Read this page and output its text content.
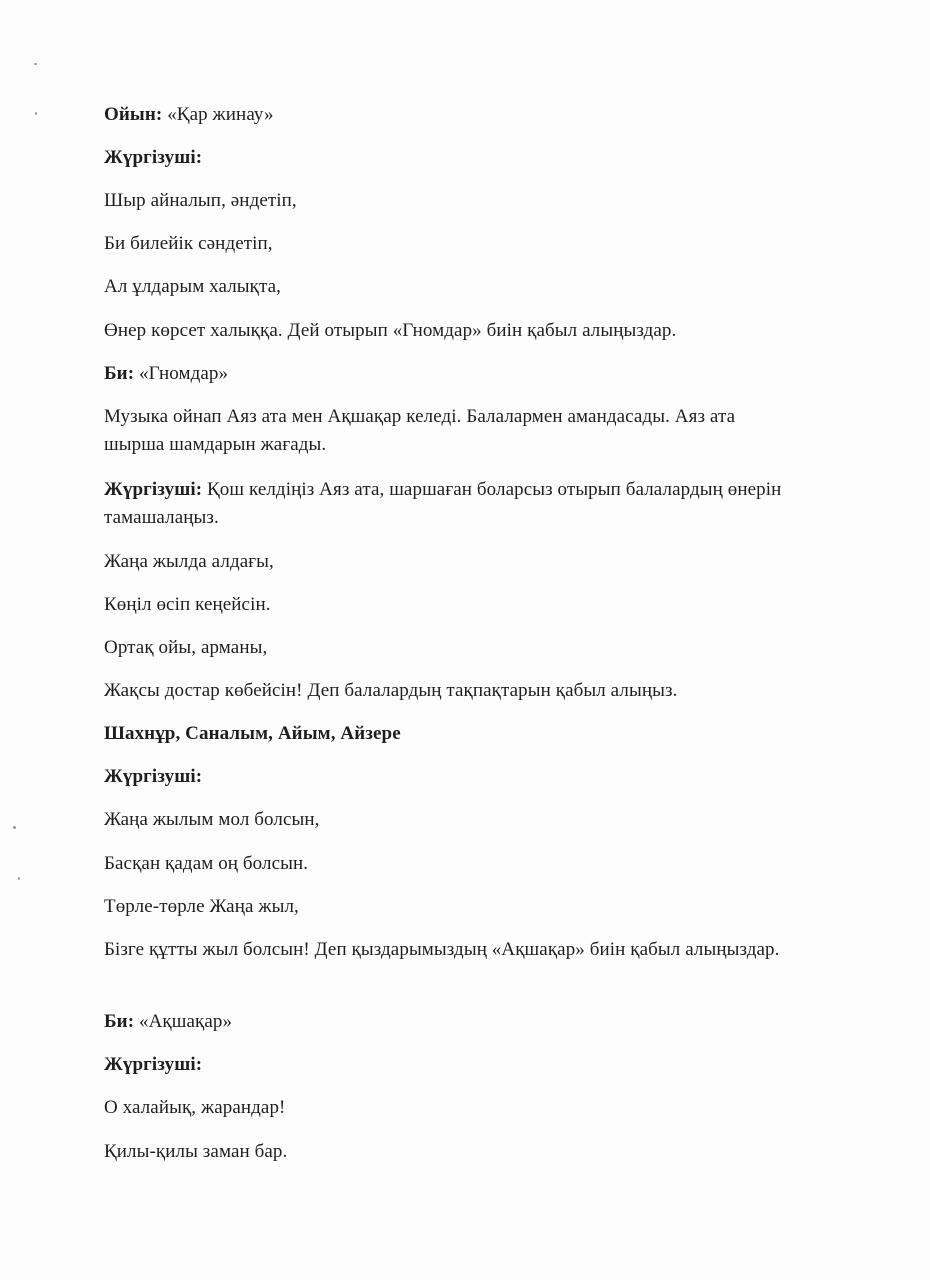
Ойын: «Қар жинау»
Жүргізуші:
Шыр айналып, әндетіп,
Би билейік сәндетіп,
Ал ұлдарым халықта,
Өнер көрсет халыққа. Дей отырып «Гномдар» биін қабыл алыңыздар.
Би: «Гномдар»
Музыка ойнап Аяз ата мен Ақшақар келеді. Балалармен амандасады. Аяз ата шырша шамдарын жағады.
Жүргізуші: Қош келдіңіз Аяз ата, шаршаған боларсыз отырып балалардың өнерін тамашалаңыз.
Жаңа жылда алдағы,
Көңіл өсіп кеңейсін.
Ортақ ойы, арманы,
Жақсы достар көбейсін! Деп балалардың тақпақтарын қабыл алыңыз.
Шахнұр, Саналым, Айым, Айзере
Жүргізуші:
Жаңа жылым мол болсын,
Басқан қадам оң болсын.
Төрле-төрле Жаңа жыл,
Бізге құтты жыл болсын! Деп қыздарымыздың «Ақшақар» биін қабыл алыңыздар.
Би: «Ақшақар»
Жүргізуші:
О халайық, жарандар!
Қилы-қилы заман бар.
